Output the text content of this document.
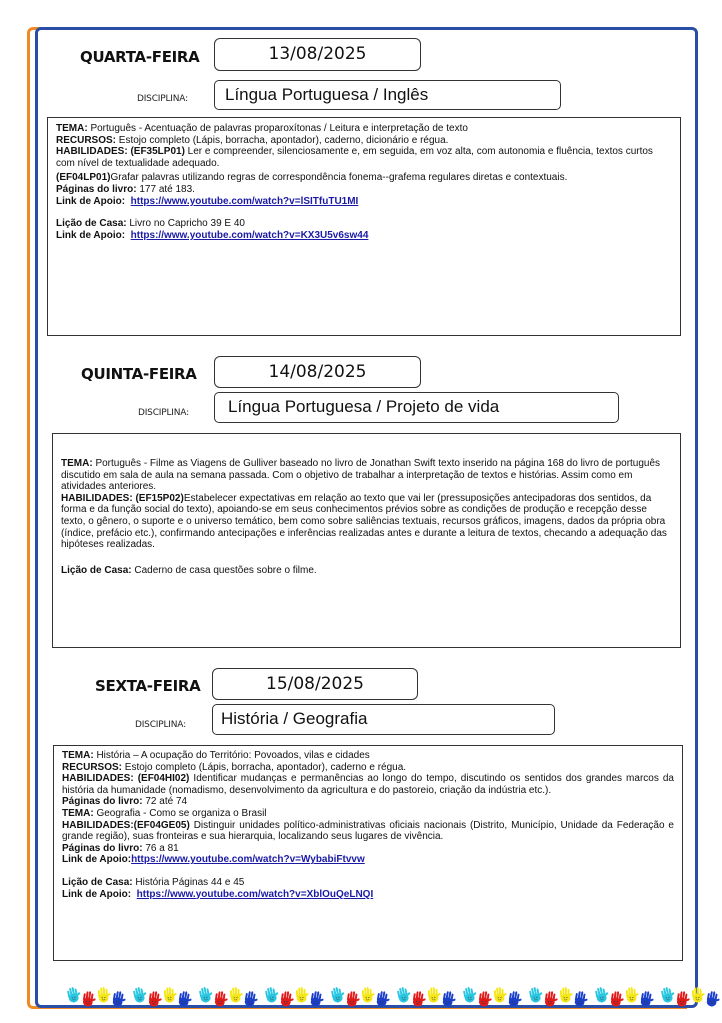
QUARTA-FEIRA	13/08/2025
DISCIPLINA:	Língua Portuguesa / Inglês

TEMA: Português - Acentuação de palavras proparoxítonas / Leitura e interpretação de texto

RECURSOS: Estojo completo (Lápis, borracha, apontador), caderno, dicionário e régua.

HABILIDADES: (EF35LP01) Ler e compreender, silenciosamente e, em seguida, em voz alta, com autonomia e fluência, textos curtos com nível de textualidade adequado.

(EF04LP01)Grafar palavras utilizando regras de correspondência fonema--grafema regulares diretas e contextuais.

Páginas do livro: 177 até 183.

Link de Apoio: https://www.youtube.com/watch?v=lSITfuTU1MI

Lição de Casa: Livro no Capricho 39 E 40

Link de Apoio: https://www.youtube.com/watch?v=KX3U5v6sw44

QUINTA-FEIRA	14/08/2025
DISCIPLINA:	Língua Portuguesa / Projeto de vida

TEMA: Português - Filme as Viagens de Gulliver baseado no livro de Jonathan Swift texto inserido na página 168 do livro de português discutido em sala de aula na semana passada. Com o objetivo de trabalhar a interpretação de textos e histórias. Assim como em atividades anteriores.

HABILIDADES: (EF15P02)Estabelecer expectativas em relação ao texto que vai ler (pressuposições antecipadoras dos sentidos, da forma e da função social do texto), apoiando-se em seus conhecimentos prévios sobre as condições de produção e recepção desse texto, o gênero, o suporte e o universo temático, bem como sobre saliências textuais, recursos gráficos, imagens, dados da própria obra (índice, prefácio etc.), confirmando antecipações e inferências realizadas antes e durante a leitura de textos, checando a adequação das hipóteses realizadas.

Lição de Casa: Caderno de casa questões sobre o filme.

SEXTA-FEIRA	15/08/2025
DISCIPLINA:	História / Geografia

TEMA: História – A ocupação do Território: Povoados, vilas e cidades

RECURSOS: Estojo completo (Lápis, borracha, apontador), caderno e régua.

HABILIDADES: (EF04HI02) Identificar mudanças e permanências ao longo do tempo, discutindo os sentidos dos grandes marcos da história da humanidade (nomadismo, desenvolvimento da agricultura e do pastoreio, criação da indústria etc.).

Páginas do livro: 72 até 74

TEMA: Geografia - Como se organiza o Brasil

HABILIDADES:(EF04GE05) Distinguir unidades político-administrativas oficiais nacionais (Distrito, Município, Unidade da Federação e grande região), suas fronteiras e sua hierarquia, localizando seus lugares de vivência.

Páginas do livro: 76 a 81

Link de Apoio:https://www.youtube.com/watch?v=WybabiFtvvw

Lição de Casa: História Páginas 44 e 45

Link de Apoio: https://www.youtube.com/watch?v=XblOuQeLNQI
